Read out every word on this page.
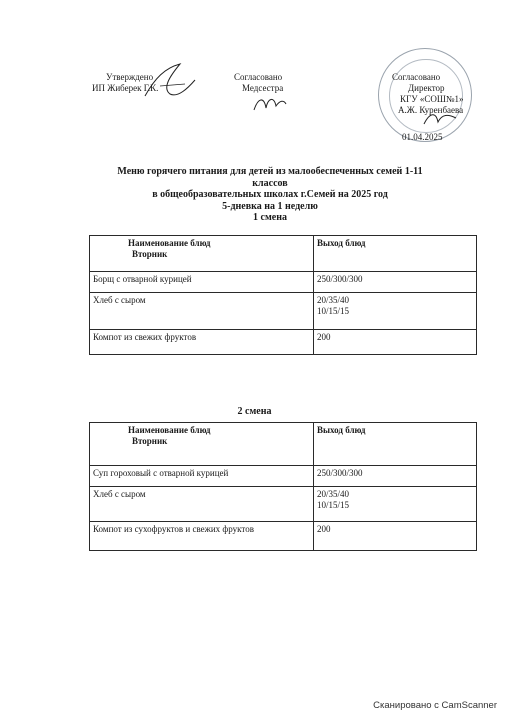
Утверждено
ИП Жиберек Г.К.
Согласовано
Медсестра
Согласовано
Директор
КГУ «СОШ№1»
А.Ж. Куренбаева
01.04.2025
Меню горячего питания для детей из малообеспеченных семей 1-11
классов
в общеобразовательных школах г.Семей на 2025 год
5-дневка на 1 неделю
1 смена
Наименование блюд
Вторник	Выход блюд
Борщ с отварной курицей	250/300/300
Хлеб с сыром	20/35/40
10/15/15

Компот из свежих фруктов	200
2 смена
Наименование блюд
Вторник	Выход блюд
Суп гороховый с отварной курицей	250/300/300
Хлеб с сыром	20/35/40
10/15/15

Компот из сухофруктов и свежих фруктов	200
Сканировано с CamScanner
